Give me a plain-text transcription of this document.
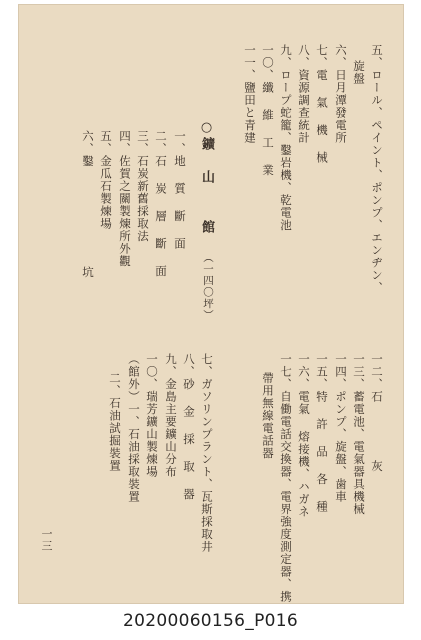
五、ロール、ペイント、ポンプ、エンヂン、
旋盤
六、日月潭發電所
七、電 氣 機 械
八、資源調查統計
九、ロープ蛇籠、鑿岩機、乾電池
一〇、纖 維 工 業
一一、鹽田と青建
○鑛
山
館
（一四〇坪）
一、地 質 斷 面
二、石 炭 層 斷 面
三、石炭新舊採取法
四、佐賀之關製煉所外觀
五、金瓜石製煉場
六、鑿
坑
一二、石
灰
一三、蓄電池、電氣器具機械
一四、ポンプ、旋盤、歯車
一五、特 許 品 各 種
一六、電氣 熔接機、ハガネ
一七、自働電話交換器、電界強度測定器、携
帶用無線電話器
七、ガソリンプラント、瓦斯採取井
八、砂 金 採 取 器
九、金島主要鑛山分布
一〇、瑞芳鑛山製煉場
（館外）一、石油採取裝置
二、石油試掘裝置
一三
20200060156_P016
